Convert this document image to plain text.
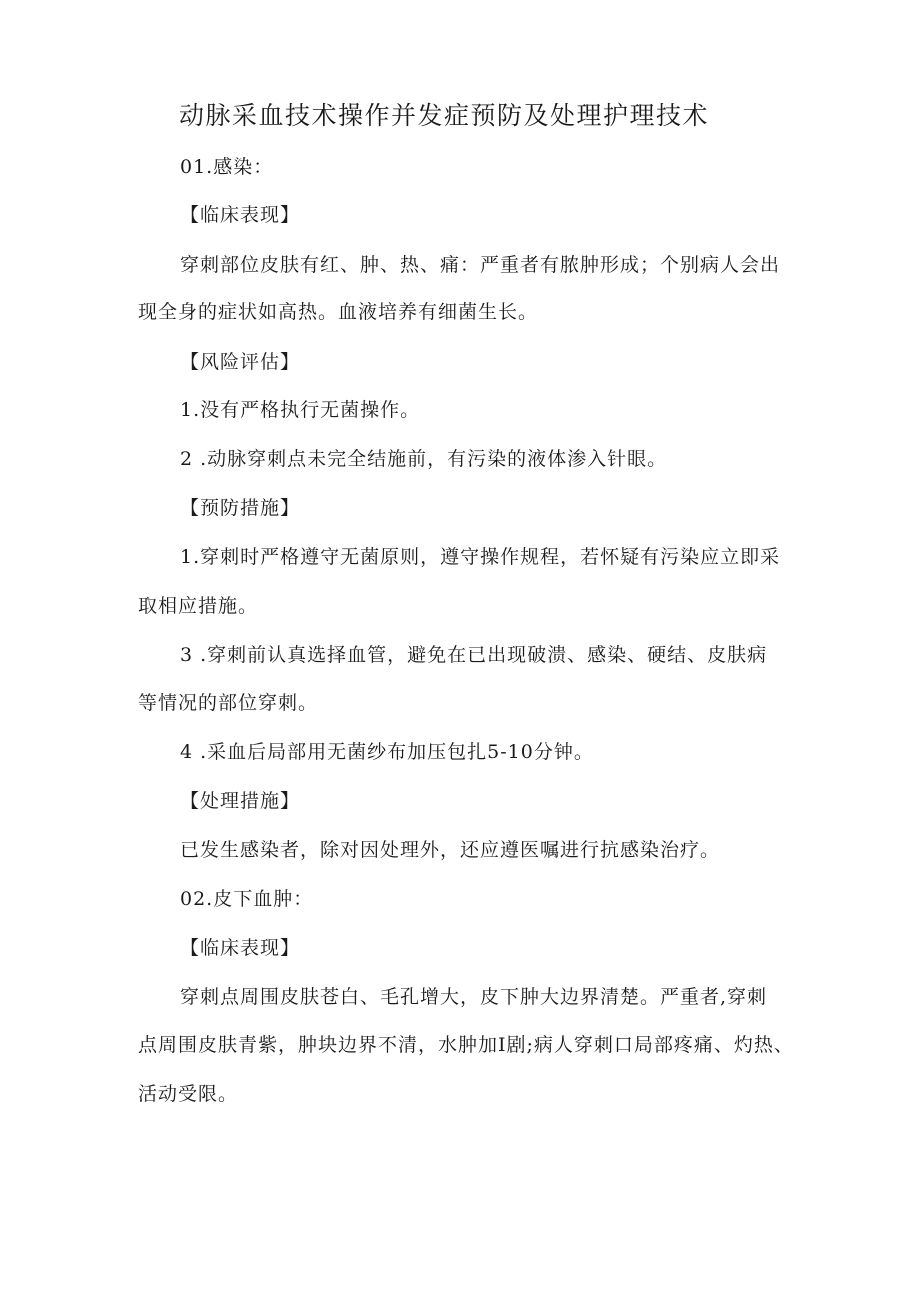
动脉采血技术操作并发症预防及处理护理技术
01.感染：
【临床表现】
穿刺部位皮肤有红、肿、热、痛：严重者有脓肿形成；个别病人会出
现全身的症状如高热。血液培养有细菌生长。
【风险评估】
1.没有严格执行无菌操作。
2 .动脉穿刺点未完全结施前，有污染的液体渗入针眼。
【预防措施】
1.穿刺时严格遵守无菌原则，遵守操作规程，若怀疑有污染应立即采
取相应措施。
3 .穿刺前认真选择血管，避免在已出现破溃、感染、硬结、皮肤病
等情况的部位穿刺。
4 .采血后局部用无菌纱布加压包扎5-10分钟。
【处理措施】
已发生感染者，除对因处理外，还应遵医嘱进行抗感染治疗。
02.皮下血肿：
【临床表现】
穿刺点周围皮肤苍白、毛孔增大，皮下肿大边界清楚。严重者,穿刺
点周围皮肤青紫，肿块边界不清，水肿加I剧;病人穿刺口局部疼痛、灼热、
活动受限。
